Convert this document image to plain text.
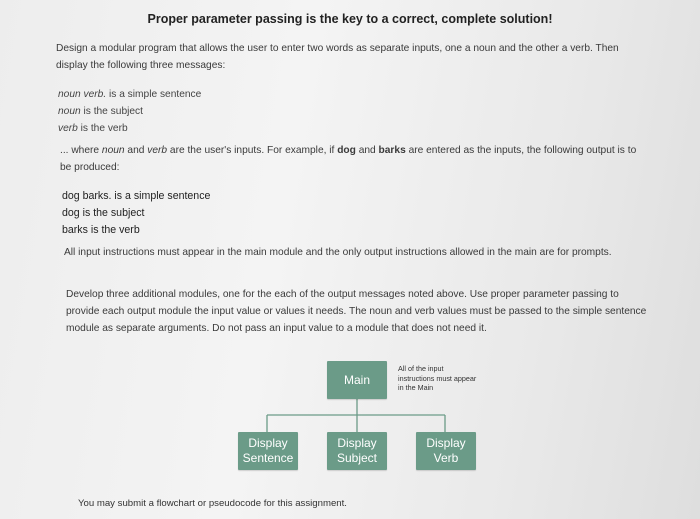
Proper parameter passing is the key to a correct, complete solution!

Design a modular program that allows the user to enter two words as separate inputs, one a noun and the other a verb. Then display the following three messages:

noun verb. is a simple sentence
noun is the subject
verb is the verb

... where noun and verb are the user's inputs. For example, if dog and barks are entered as the inputs, the following output is to be produced:

dog barks. is a simple sentence
dog is the subject
barks is the verb

All input instructions must appear in the main module and the only output instructions allowed in the main are for prompts.

Develop three additional modules, one for the each of the output messages noted above. Use proper parameter passing to provide each output module the input value or values it needs. The noun and verb values must be passed to the simple sentence module as separate arguments. Do not pass an input value to a module that does not need it.

Main
All of the input instructions must appear in the Main
Display
Sentence
Display
Subject
Display
Verb
You may submit a flowchart or pseudocode for this assignment.
